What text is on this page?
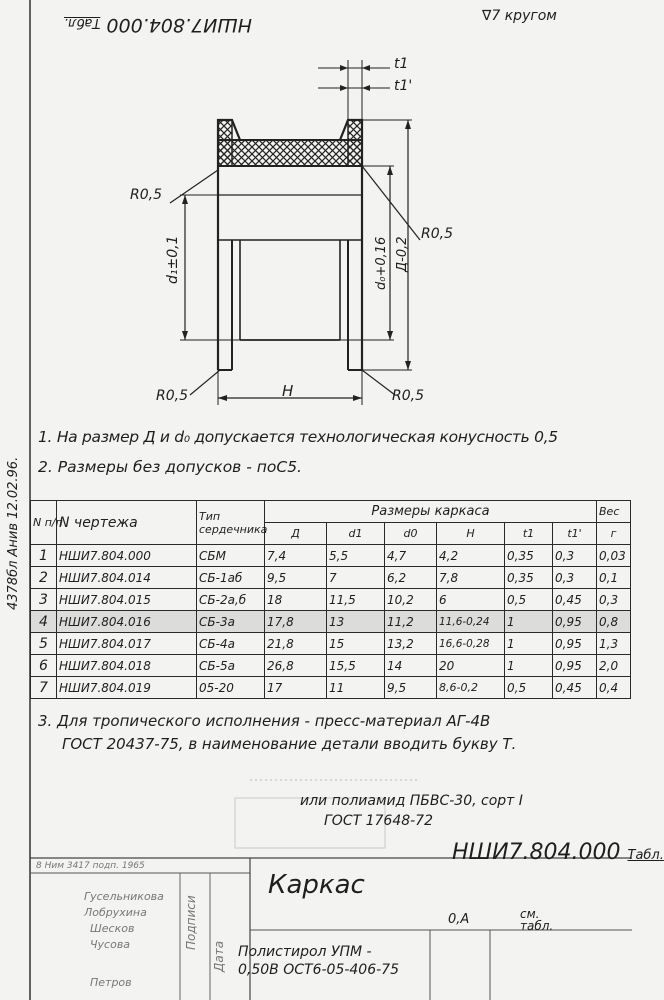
НШИ7.804.000 Табл.	∇7 кругом
4378бл Анив 12.02.96.
t1
t1'
R0,5
R0,5
R0,5	R0,5
d₁±0,1	d₀+0,16 Д-0,2
H
1. На размер Д и d₀ допускается технологическая конусность 0,5
2. Размеры без допусков - поС5.
N п/п	N чертежа	Тип сердечника	Размеры каркаса						Вес
			Д	d1	d0	H	t1	t1'	г
1	НШИ7.804.000	СБМ	7,4	5,5	4,7	4,2	0,35	0,3	0,03
2	НШИ7.804.014	СБ-1аб	9,5	7	6,2	7,8	0,35	0,3	0,1
3	НШИ7.804.015	СБ-2а,б	18	11,5	10,2	6	0,5	0,45	0,3
4	НШИ7.804.016	СБ-3а	17,8	13	11,2	11,6-0,24	1	0,95	0,8
5	НШИ7.804.017	СБ-4а	21,8	15	13,2	16,6-0,28	1	0,95	1,3
6	НШИ7.804.018	СБ-5а	26,8	15,5	14	20	1	0,95	2,0
7	НШИ7.804.019	05-20	17	11	9,5	8,6-0,2	0,5	0,45	0,4
3. Для тропического исполнения - пресс-материал АГ-4В
ГОСТ 20437-75, в наименование детали вводить букву Т.
или полиамид ПБВС-30, сорт I
ГОСТ 17648-72
8 Ним 3417 подп. 1965
НШИ7.804.000 Табл.
Каркас
0,A	см. табл.
Полистирол УПМ -
0,50В ОСТ6-05-406-75
Подписи
Дата
Гусельникова
Лобрухина
Шесков
Чусова
Петров
